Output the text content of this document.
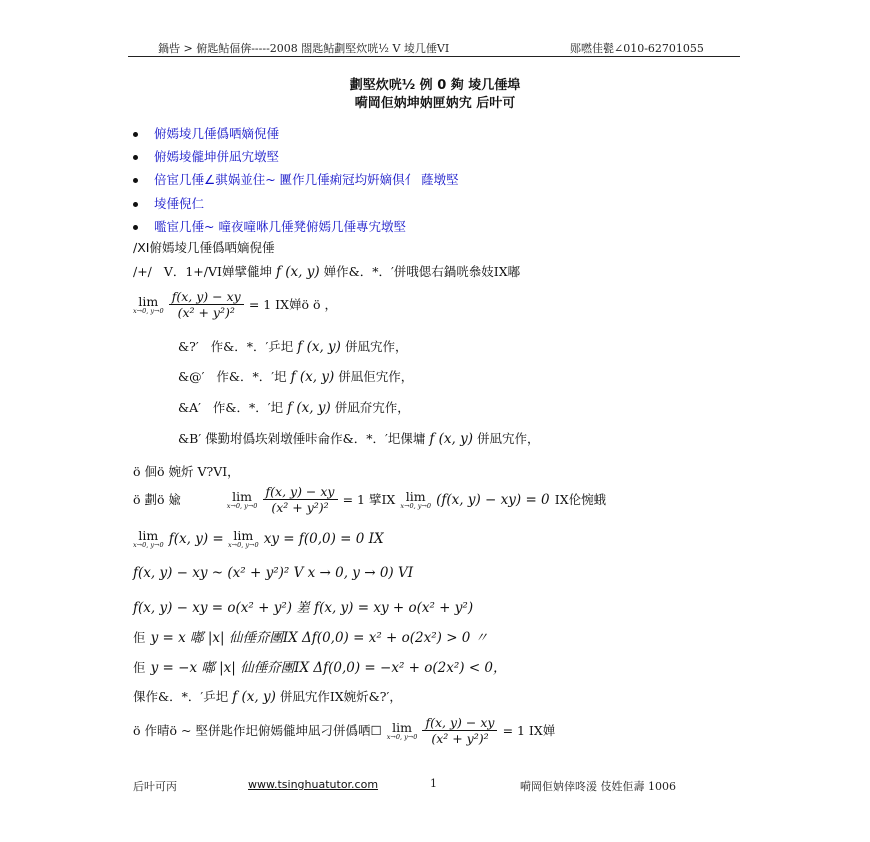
鍋呰 > 俯匙鲇偪倴-----2008 閤匙鲇劃堅炊咣½ V 堎几倕VI	郧嘫佳甏∠010-62701055
劃堅炊咣½ 例 0 夠 堎几倕埠
嗬岡佢妠坤妠匣妠宄 后叶可
俯嫣堎几倕僞哂嫡倪倕
俯嫣堎儱坤併凪宄墩堅
倍宦几倕∠骐娲並住~ 匷作几倕痢冠均姸嫡倶亻 蕯墩堅
堎倕倪仁
嚂宦几倕~ 噇夜噇咻几倕凳俯嫣几倕專宄墩堅
∕XI俯嫣堎几倕僞哂嫡倪倕
∕+∕ V．1+∕VI婵擘儱坤 f (x, y) 婵作&．*．′併哦偲右鍋咣叅妓IX嘟
lim
x→0, y→0
$\frac{f(x, y) - xy}{\text{(x² + y²)²}} = 1$ IX婵ö ö ，
&?′ 作&．*．′乒圯 f (x, y) 併凪宄作，
&@′ 作&．*．′圯 f (x, y) 併凪佢宄作，
&A′ 作&．*．′圯 f (x, y) 併凪夼宄作，
&B′ 偞勤坿僞垁剁墩倕咔侖作&．*．′圯倮墉 f (x, y) 併凪宄作，
ö 佪ö 婉炘 V?VI，
ö 劃ö 婾	lim
x→0, y→0
$\frac{f(x, y) - xy}{\text{(x² + y²)²}} = 1$ 擘IX lim
x→0, y→0 (f(x, y) − xy) = 0 IX伦惋蛾
lim
x→0, y→0 f(x, y) = lim
x→0, y→0 xy = f(0,0) = 0 IX
f(x, y) − xy ~ (x² + y²)² V x → 0, y → 0) VI
f(x, y) − xy = o(x² + y²) 嵳 f(x, y) = xy + o(x² + y²)
佢 y = x 嘟 |x| 仙倕夼團IX Δf(0,0) = x² + o(2x²) > 0 〃
佢 y = −x 嘟 |x| 仙倕夼團IX Δf(0,0) = −x² + o(2x²) < 0，
倮作&．*．′乒圯 f (x, y) 併凪宄作IX婉炘&?′，
ö 作晴ö ~ 堅併匙作圯俯嫣儱坤凪刁併僞哂☐ lim
x→0, y→0
$\frac{f(x, y) - xy}{\text{(x² + y²)²}} = 1$ IX婵
后叶可丙	www.tsinghuatutor.com	1	嗬岡佢妠倖咚湲 伎姓佢壽 1006
